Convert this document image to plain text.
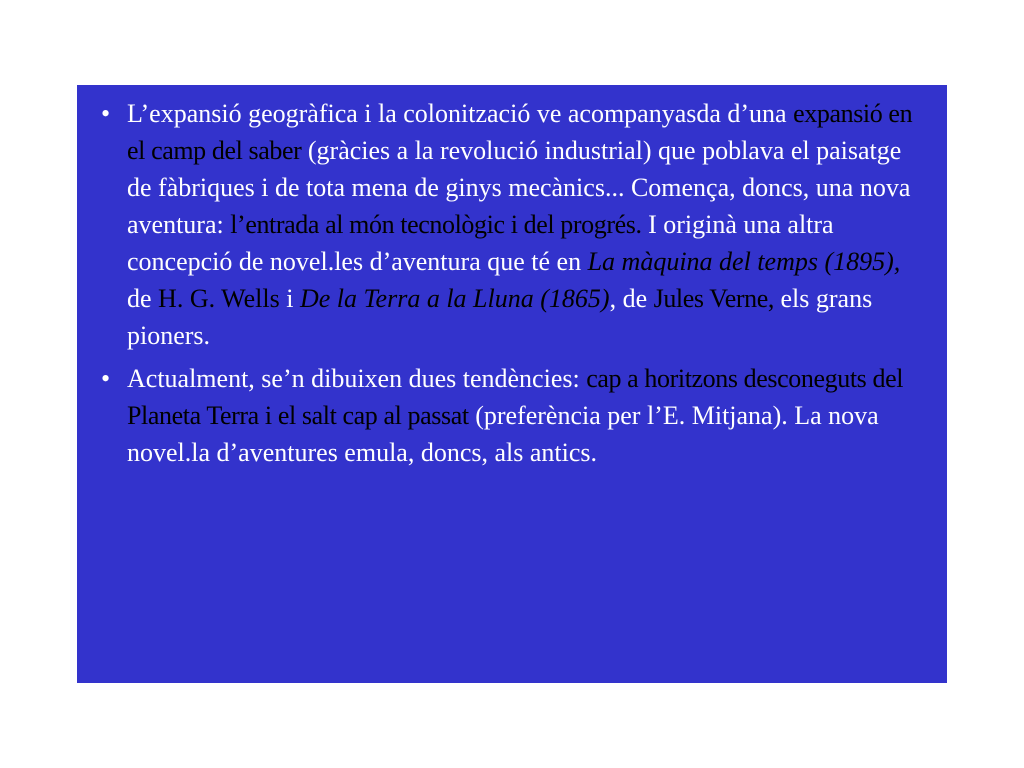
• L’expansió geogràfica i la colonització ve acompanyasda d’una expansió en el camp del saber (gràcies a la revolució industrial) que poblava el paisatge de fàbriques i de tota mena de ginys mecànics... Comença, doncs, una nova aventura: l’entrada al món tecnològic i del progrés. I originà una altra concepció de novel.les d’aventura que té en La màquina del temps (1895), de H. G. Wells i De la Terra a la Lluna (1865), de Jules Verne, els grans pioners.
• Actualment, se’n dibuixen dues tendències: cap a horitzons desconeguts del Planeta Terra i el salt cap al passat (preferència per l’E. Mitjana). La nova novel.la d’aventures emula, doncs, als antics.
